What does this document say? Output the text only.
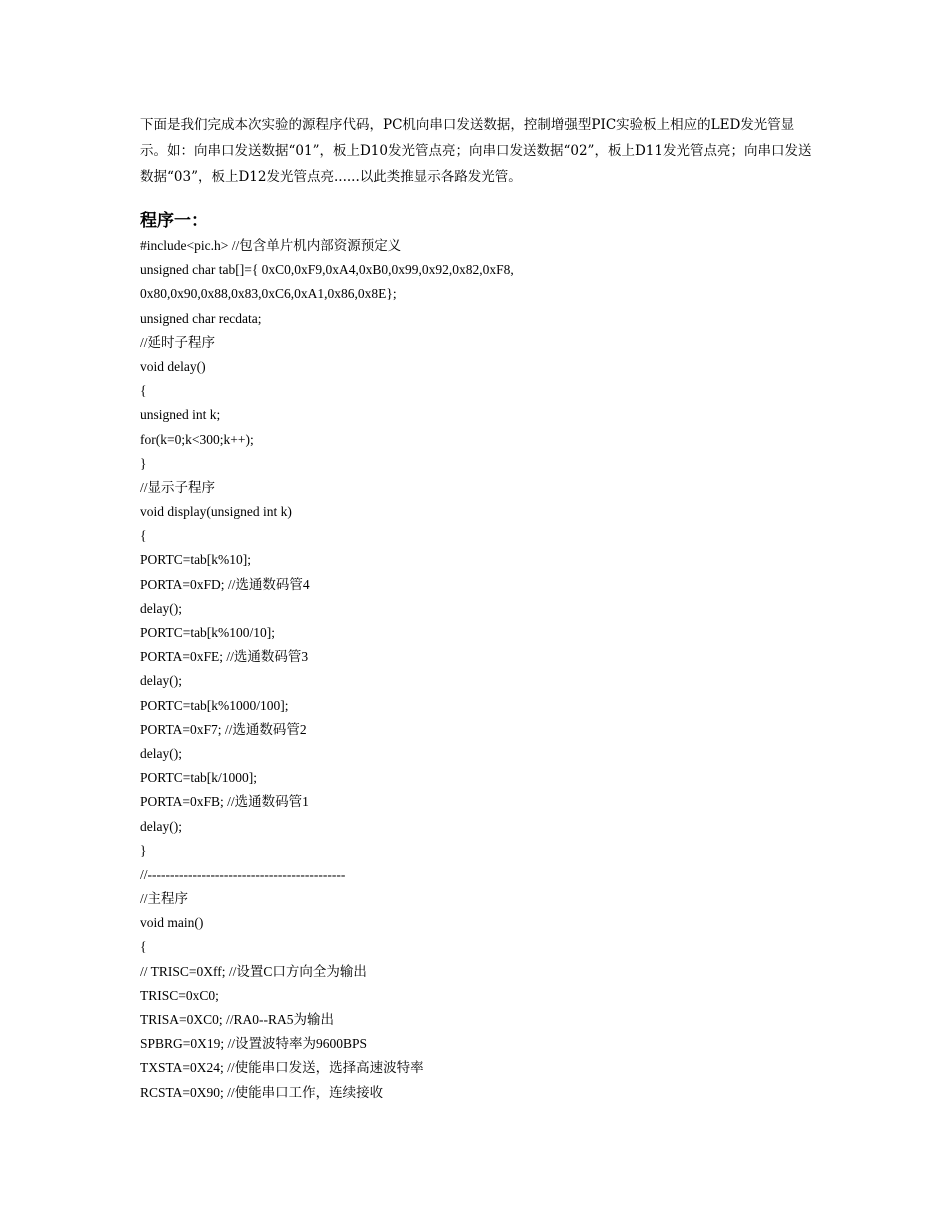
下面是我们完成本次实验的源程序代码，PC机向串口发送数据，控制增强型PIC实验板上相应的LED发光管显示。如：向串口发送数据“01”，板上D10发光管点亮；向串口发送数据“02”，板上D11发光管点亮；向串口发送数据“03”，板上D12发光管点亮......以此类推显示各路发光管。

程序一：
#include<pic.h> //包含单片机内部资源预定义
unsigned char tab[]={ 0xC0,0xF9,0xA4,0xB0,0x99,0x92,0x82,0xF8,
0x80,0x90,0x88,0x83,0xC6,0xA1,0x86,0x8E};
unsigned char recdata;
//延时子程序
void delay()
{
unsigned int k;
for(k=0;k<300;k++);
}
//显示子程序
void display(unsigned int k)
{
PORTC=tab[k%10];
PORTA=0xFD; //选通数码管4
delay();
PORTC=tab[k%100/10];
PORTA=0xFE; //选通数码管3
delay();
PORTC=tab[k%1000/100];
PORTA=0xF7; //选通数码管2
delay();
PORTC=tab[k/1000];
PORTA=0xFB; //选通数码管1
delay();
}
//--------------------------------------------
//主程序
void main()
{
// TRISC=0Xff; //设置C口方向全为输出
TRISC=0xC0;
TRISA=0XC0; //RA0--RA5为输出
SPBRG=0X19; //设置波特率为9600BPS
TXSTA=0X24; //使能串口发送，选择高速波特率
RCSTA=0X90; //使能串口工作，连续接收
